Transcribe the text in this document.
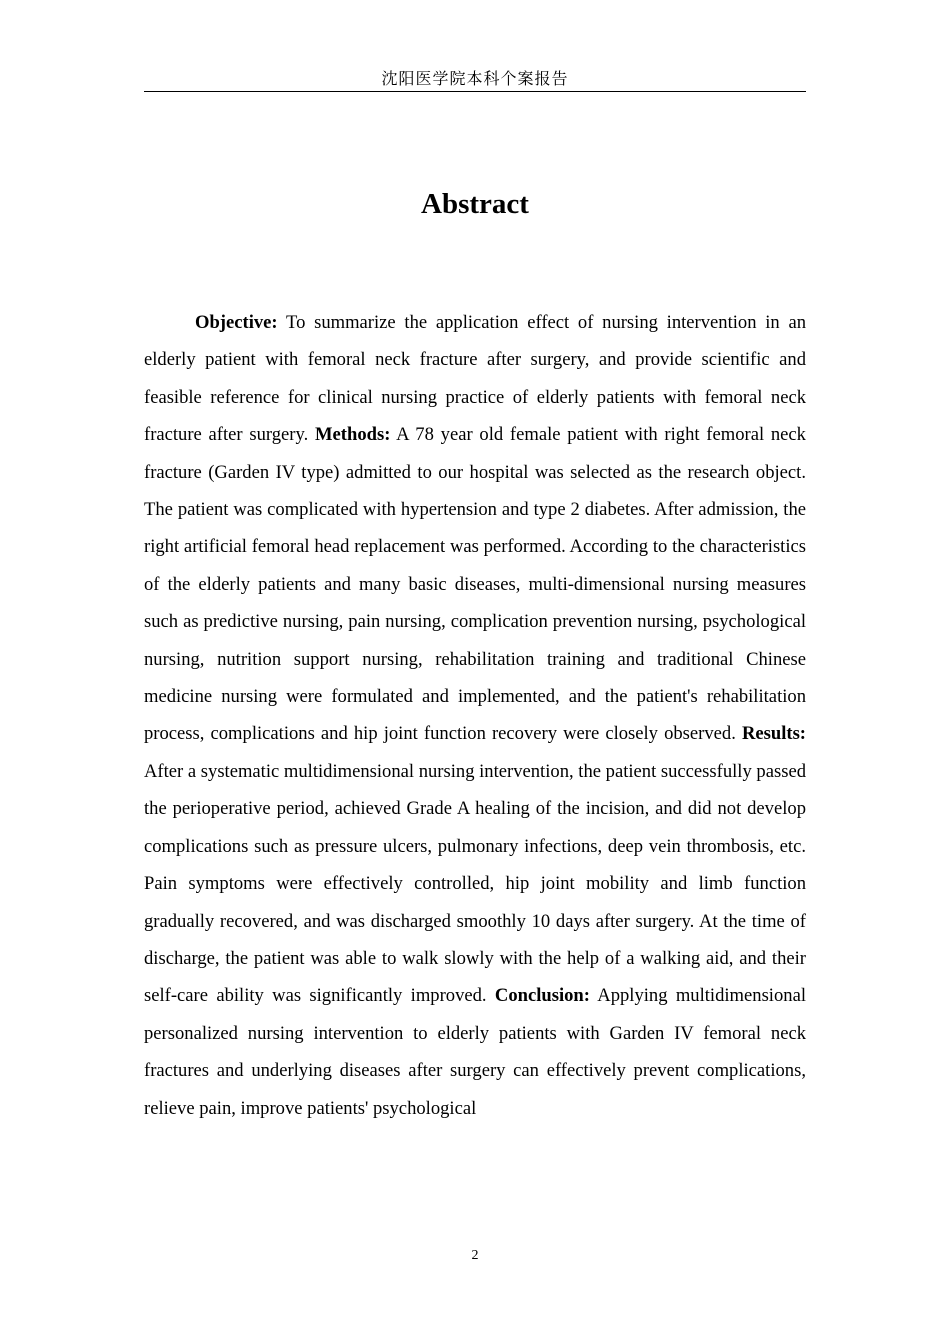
沈阳医学院本科个案报告
Abstract

Objective: To summarize the application effect of nursing intervention in an elderly patient with femoral neck fracture after surgery, and provide scientific and feasible reference for clinical nursing practice of elderly patients with femoral neck fracture after surgery. Methods: A 78 year old female patient with right femoral neck fracture (Garden IV type) admitted to our hospital was selected as the research object. The patient was complicated with hypertension and type 2 diabetes. After admission, the right artificial femoral head replacement was performed. According to the characteristics of the elderly patients and many basic diseases, multi-dimensional nursing measures such as predictive nursing, pain nursing, complication prevention nursing, psychological nursing, nutrition support nursing, rehabilitation training and traditional Chinese medicine nursing were formulated and implemented, and the patient's rehabilitation process, complications and hip joint function recovery were closely observed. Results: After a systematic multidimensional nursing intervention, the patient successfully passed the perioperative period, achieved Grade A healing of the incision, and did not develop complications such as pressure ulcers, pulmonary infections, deep vein thrombosis, etc. Pain symptoms were effectively controlled, hip joint mobility and limb function gradually recovered, and was discharged smoothly 10 days after surgery. At the time of discharge, the patient was able to walk slowly with the help of a walking aid, and their self-care ability was significantly improved. Conclusion: Applying multidimensional personalized nursing intervention to elderly patients with Garden IV femoral neck fractures and underlying diseases after surgery can effectively prevent complications, relieve pain, improve patients' psychological

2
